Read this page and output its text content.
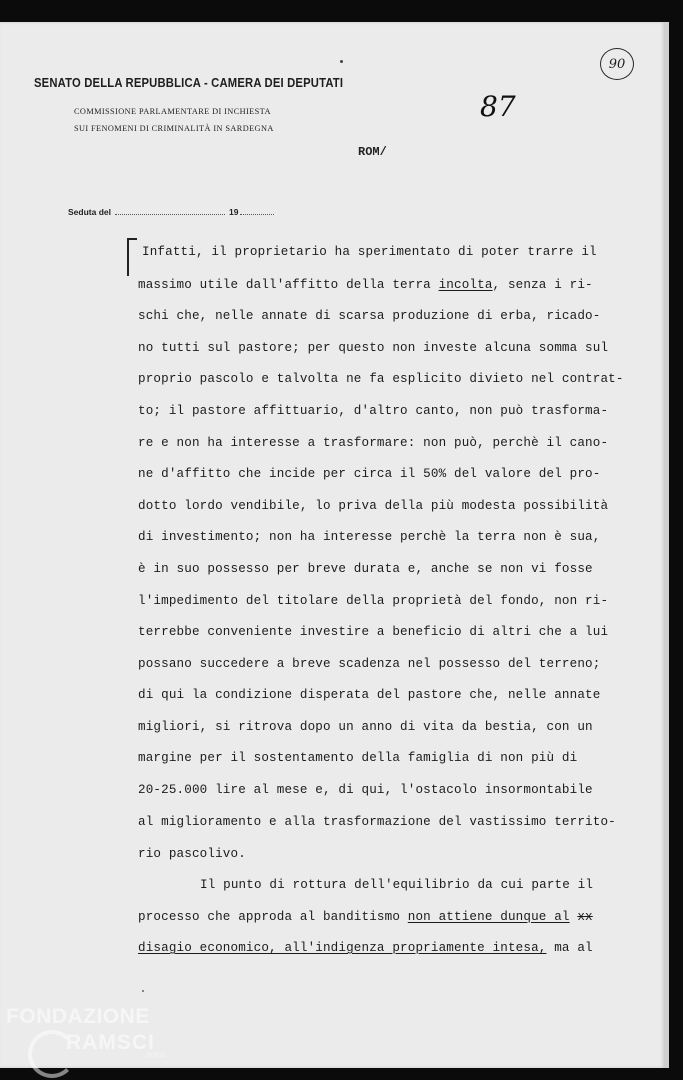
SENATO DELLA REPUBBLICA - CAMERA DEI DEPUTATI
COMMISSIONE PARLAMENTARE DI INCHIESTA
SUI FENOMENI DI CRIMINALITÀ IN SARDEGNA
87
90
ROM/
Seduta del	19
Infatti, il proprietario ha sperimentato di poter trarre il
massimo utile dall'affitto della terra incolta, senza i ri-
schi che, nelle annate di scarsa produzione di erba, ricado-
no tutti sul pastore; per questo non investe alcuna somma sul
proprio pascolo e talvolta ne fa esplicito divieto nel contrat-
to; il pastore affittuario, d'altro canto, non può trasforma-
re e non ha interesse a trasformare: non può, perchè il cano-
ne d'affitto che incide per circa il 50% del valore del pro-
dotto lordo vendibile, lo priva della più modesta possibilità
di investimento; non ha interesse perchè la terra non è sua,
è in suo possesso per breve durata e, anche se non vi fosse
l'impedimento del titolare della proprietà del fondo, non ri-
terrebbe conveniente investire a beneficio di altri che a lui
possano succedere a breve scadenza nel possesso del terreno;
di qui la condizione disperata del pastore che, nelle annate
migliori, si ritrova dopo un anno di vita da bestia, con un
margine per il sostentamento della famiglia di non più di
20-25.000 lire al mese e, di qui, l'ostacolo insormontabile
al miglioramento e alla trasformazione del vastissimo territo-
rio pascolivo.
Il punto di rottura dell'equilibrio da cui parte il
processo che approda al banditismo non attiene dunque al xx
disagio economico, all'indigenza propriamente intesa, ma al
FONDAZIONE
RAMSCI
onlus
